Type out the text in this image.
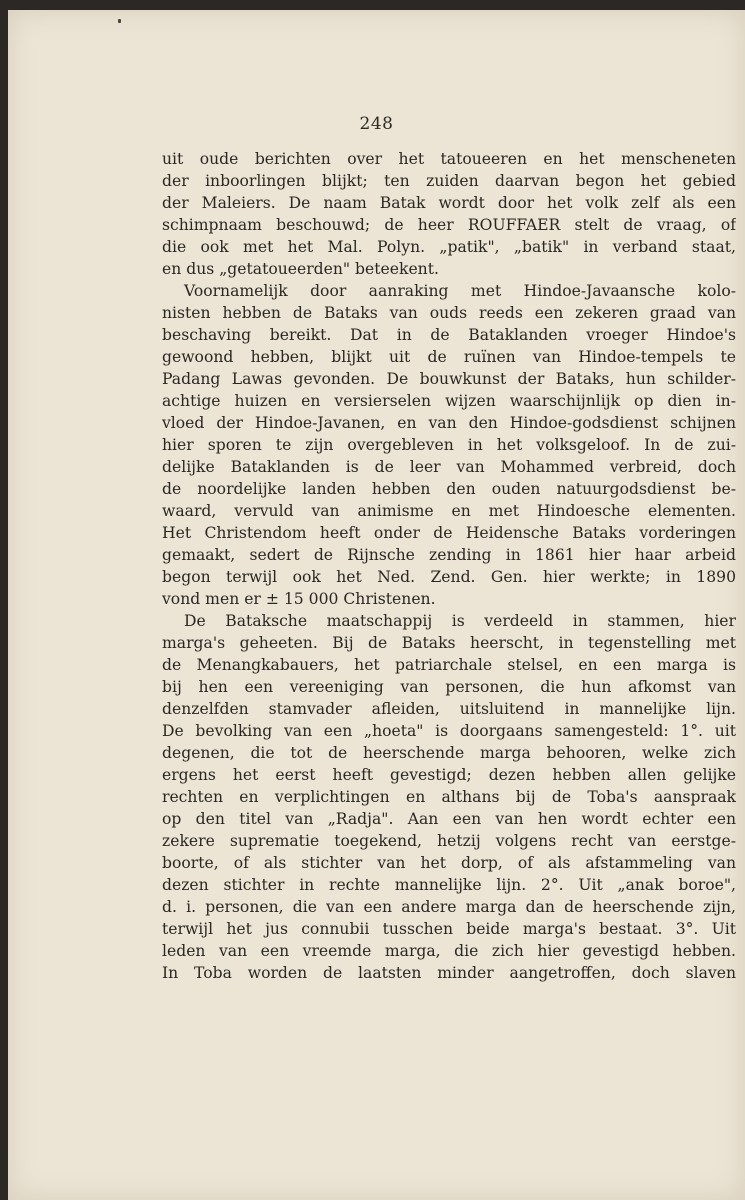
248
uit oude berichten over het tatoueeren en het menscheneten
der inboorlingen blijkt; ten zuiden daarvan begon het gebied
der Maleiers. De naam Batak wordt door het volk zelf als een
schimpnaam beschouwd; de heer ROUFFAER stelt de vraag, of
die ook met het Mal. Polyn. „patik", „batik" in verband staat,
en dus „getatoueerden" beteekent.
Voornamelijk door aanraking met Hindoe-Javaansche kolo-
nisten hebben de Bataks van ouds reeds een zekeren graad van
beschaving bereikt. Dat in de Bataklanden vroeger Hindoe's
gewoond hebben, blijkt uit de ruïnen van Hindoe-tempels te
Padang Lawas gevonden. De bouwkunst der Bataks, hun schilder-
achtige huizen en versierselen wijzen waarschijnlijk op dien in-
vloed der Hindoe-Javanen, en van den Hindoe-godsdienst schijnen
hier sporen te zijn overgebleven in het volksgeloof. In de zui-
delijke Bataklanden is de leer van Mohammed verbreid, doch
de noordelijke landen hebben den ouden natuurgodsdienst be-
waard, vervuld van animisme en met Hindoesche elementen.
Het Christendom heeft onder de Heidensche Bataks vorderingen
gemaakt, sedert de Rijnsche zending in 1861 hier haar arbeid
begon terwijl ook het Ned. Zend. Gen. hier werkte; in 1890
vond men er ± 15 000 Christenen.
De Bataksche maatschappij is verdeeld in stammen, hier
marga's geheeten. Bij de Bataks heerscht, in tegenstelling met
de Menangkabauers, het patriarchale stelsel, en een marga is
bij hen een vereeniging van personen, die hun afkomst van
denzelfden stamvader afleiden, uitsluitend in mannelijke lijn.
De bevolking van een „hoeta" is doorgaans samengesteld: 1°. uit
degenen, die tot de heerschende marga behooren, welke zich
ergens het eerst heeft gevestigd; dezen hebben allen gelijke
rechten en verplichtingen en althans bij de Toba's aanspraak
op den titel van „Radja". Aan een van hen wordt echter een
zekere suprematie toegekend, hetzij volgens recht van eerstge-
boorte, of als stichter van het dorp, of als afstammeling van
dezen stichter in rechte mannelijke lijn. 2°. Uit „anak boroe",
d. i. personen, die van een andere marga dan de heerschende zijn,
terwijl het jus connubii tusschen beide marga's bestaat. 3°. Uit
leden van een vreemde marga, die zich hier gevestigd hebben.
In Toba worden de laatsten minder aangetroffen, doch slaven
